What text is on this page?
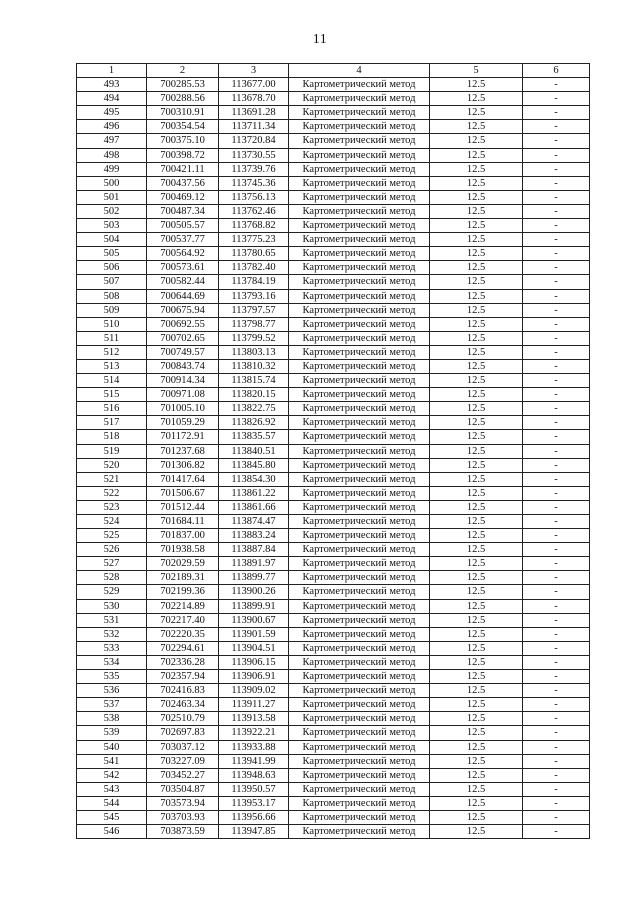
11
1	2	3	4	5	6
493	700285.53	113677.00	Картометрический метод	12.5	-
494	700288.56	113678.70	Картометрический метод	12.5	-
495	700310.91	113691.28	Картометрический метод	12.5	-
496	700354.54	113711.34	Картометрический метод	12.5	-
497	700375.10	113720.84	Картометрический метод	12.5	-
498	700398.72	113730.55	Картометрический метод	12.5	-
499	700421.11	113739.76	Картометрический метод	12.5	-
500	700437.56	113745.36	Картометрический метод	12.5	-
501	700469.12	113756.13	Картометрический метод	12.5	-
502	700487.34	113762.46	Картометрический метод	12.5	-
503	700505.57	113768.82	Картометрический метод	12.5	-
504	700537.77	113775.23	Картометрический метод	12.5	-
505	700564.92	113780.65	Картометрический метод	12.5	-
506	700573.61	113782.40	Картометрический метод	12.5	-
507	700582.44	113784.19	Картометрический метод	12.5	-
508	700644.69	113793.16	Картометрический метод	12.5	-
509	700675.94	113797.57	Картометрический метод	12.5	-
510	700692.55	113798.77	Картометрический метод	12.5	-
511	700702.65	113799.52	Картометрический метод	12.5	-
512	700749.57	113803.13	Картометрический метод	12.5	-
513	700843.74	113810.32	Картометрический метод	12.5	-
514	700914.34	113815.74	Картометрический метод	12.5	-
515	700971.08	113820.15	Картометрический метод	12.5	-
516	701005.10	113822.75	Картометрический метод	12.5	-
517	701059.29	113826.92	Картометрический метод	12.5	-
518	701172.91	113835.57	Картометрический метод	12.5	-
519	701237.68	113840.51	Картометрический метод	12.5	-
520	701306.82	113845.80	Картометрический метод	12.5	-
521	701417.64	113854.30	Картометрический метод	12.5	-
522	701506.67	113861.22	Картометрический метод	12.5	-
523	701512.44	113861.66	Картометрический метод	12.5	-
524	701684.11	113874.47	Картометрический метод	12.5	-
525	701837.00	113883.24	Картометрический метод	12.5	-
526	701938.58	113887.84	Картометрический метод	12.5	-
527	702029.59	113891.97	Картометрический метод	12.5	-
528	702189.31	113899.77	Картометрический метод	12.5	-
529	702199.36	113900.26	Картометрический метод	12.5	-
530	702214.89	113899.91	Картометрический метод	12.5	-
531	702217.40	113900.67	Картометрический метод	12.5	-
532	702220.35	113901.59	Картометрический метод	12.5	-
533	702294.61	113904.51	Картометрический метод	12.5	-
534	702336.28	113906.15	Картометрический метод	12.5	-
535	702357.94	113906.91	Картометрический метод	12.5	-
536	702416.83	113909.02	Картометрический метод	12.5	-
537	702463.34	113911.27	Картометрический метод	12.5	-
538	702510.79	113913.58	Картометрический метод	12.5	-
539	702697.83	113922.21	Картометрический метод	12.5	-
540	703037.12	113933.88	Картометрический метод	12.5	-
541	703227.09	113941.99	Картометрический метод	12.5	-
542	703452.27	113948.63	Картометрический метод	12.5	-
543	703504.87	113950.57	Картометрический метод	12.5	-
544	703573.94	113953.17	Картометрический метод	12.5	-
545	703703.93	113956.66	Картометрический метод	12.5	-
546	703873.59	113947.85	Картометрический метод	12.5	-
